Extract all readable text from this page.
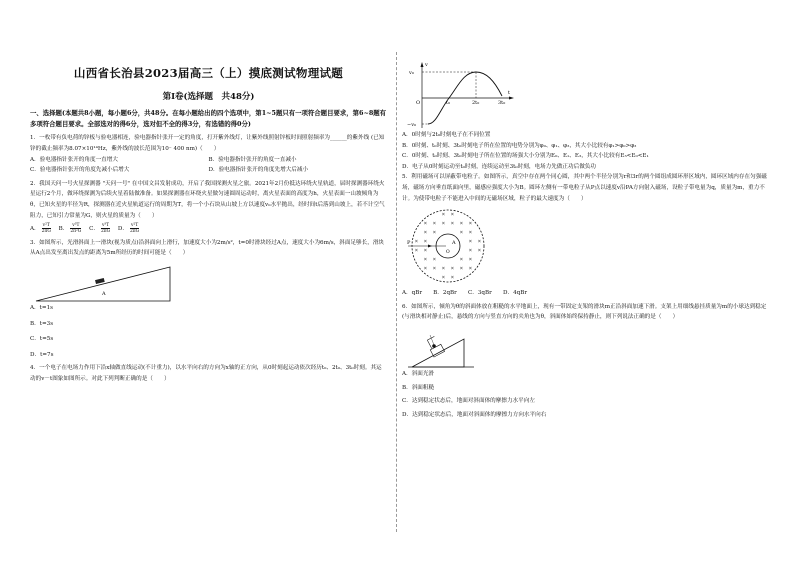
山西省长治县2023届高三（上）摸底测试物理试题
第Ⅰ卷(选择题　共48分)
一、选择题(本题共8小题，每小题6分，共48分。在每小题给出的四个选项中，第1~5题只有一项符合题目要求，第6~8题有多项符合题目要求。全部选对的得6分，选对但不全的得3分，有选错的得0分)

1．一枚带有负电荷的锌板与验电器相连，验电器指针张开一定的角度，打开紫外线灯，让紫外线照射锌板时间照射频率为______的紫外线 (已知锌的截止频率为8.07×10¹⁴Hz，紫外线的波长范围为10⁻ 400 nm)（　　）

A．验电器指针张开的角度一直增大	B．验电器指针张开的角度一直减小
C．验电器指针张开的角度先减小后增大	D．验电器指针张开的角度先增大后减小

2．我国天问一号火星探测器 "天问一号" 在中国文昌发射成功，开启了我国探测火星之旅。2021年2月份抵达环绕火星轨道，届时探测器环绕火星运行2个月，做环绕探测为后续火星着陆做准备。如果探测器在环绕火星做匀速圆周运动时，离火星表面的高度为h，火星表面一山坡倾角为θ，已知火星的半径为R，探测器在近火星轨道运行的周期为T，将一个小石块从山坡上方以速度v₀水平抛出，经时间t后落到山坡上，若不计空气阻力，已知引力常量为G，则火星的质量为（　　）

A． $\frac{\text{v²T}}{2\pi G}$ B． $\frac{\text{v³T}}{\text{2π²G}}$ C． $\frac{\text{v³T}}{2\pi G}$ D． $\frac{\text{v²T}}{2\pi G}$

3．如图所示，光滑斜面上一滑块(视为质点)沿斜面向上滑行，加速度大小为2m/s²，t=0时滑块经过A点，速度大小为6m/s，斜面足够长，滑块从A点出发至离出发点的距离为5m所经历的时间可能是（　　）

A
A．t=1s
B．t=3s
C．t=5s
D．t=7s

4．一个电子在电场力作用下沿x轴做直线运动(不计重力)，以水平向右的方向为x轴的正方向，从0时刻起运动依次经历t₀、2t₀、3t₀时刻。其运动的v－t图象如图所示。对此下列判断正确的是（　　）

v₀
−v₀
O	t₀	2t₀	3t₀
t
v
A．0时刻与2t₀时刻电子在不同位置

B．0时刻、t₀时刻、3t₀时刻电子所在位置的电势分别为φ₀、φ₁、φ₃，其大小比较有φ₁>φ₀>φ₃

C．0时刻、t₀时刻、3t₀时刻电子所在位置的场强大小分别为E₀、E₁、E₃，其大小比较有E₃<E₀<E₁

D．电子从0时刻运动至t₀时刻，连续运动至3t₀时刻，电场力先做正功后做负功

5．利用磁场可以屏蔽带电粒子。如图所示，真空中存在两个同心圆，其中两个半径分别为r和3r的两个圆组成圆环形区域内，圆环区域内存在匀强磁场，磁场方向垂直纸面向里，磁感应强度大小为B。圆环左侧有一带电粒子从P点以速度v沿PA方向射入磁场，设粒子带电量为q，质量为m，重力不计。为使带电粒子不能进入中间的无磁场区域，粒子的最大速度为（　　）

× ×
× × × × × ×
× ×	× ×
× ×	× ×
× ×	× ×
× ×	× ×
× × × × × ×
× ×
P	A
O
A．qBr　　B．2qBr　　C．3qBr　　D．4qBr

6．如图所示，倾角为θ的斜面体放在粗糙的水平地面上，现有一带固定支架的滑块m正沿斜面加速下滑。支架上用细线悬挂质量为m的小球达到稳定(与滑块相对静止)后，悬线的方向与竖直方向的夹角也为θ，斜面体始终保持静止，则下列说法正确的是（　　）

A．斜面光滑
B．斜面粗糙
C．达到稳定状态后，地面对斜面体的摩擦力水平向左
D．达到稳定状态后，地面对斜面体的摩擦力方向水平向右
